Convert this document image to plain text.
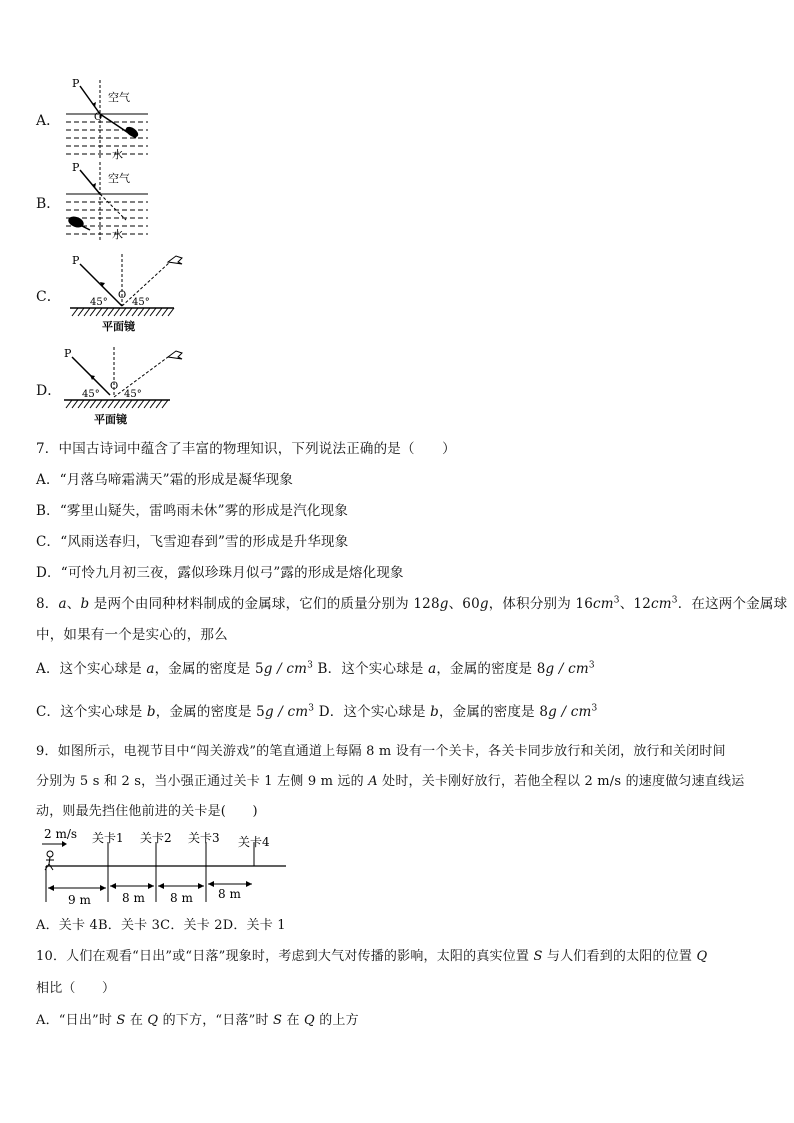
A．
P
空气
O
水
B．
P
空气
水
C．
P
O
45° 45°
平面镜
D．
P
O
45° 45°
平面镜
7．中国古诗词中蕴含了丰富的物理知识，下列说法正确的是（　　）
A．“月落乌啼霜满天”霜的形成是凝华现象
B．“雾里山疑失，雷鸣雨未休”雾的形成是汽化现象
C．“风雨送春归，飞雪迎春到”雪的形成是升华现象
D．“可怜九月初三夜，露似珍珠月似弓”露的形成是熔化现象
8．a、b 是两个由同种材料制成的金属球，它们的质量分别为 128g、60g，体积分别为 $16cm^3$、$12cm^3$．在这两个金属球
中，如果有一个是实心的，那么
A．这个实心球是 a，金属的密度是 $5g / cm^3$ B．这个实心球是 a，金属的密度是 $8g / cm^3$
C．这个实心球是 b，金属的密度是 $5g / cm^3$ D．这个实心球是 b，金属的密度是 $8g / cm^3$
9．如图所示，电视节目中“闯关游戏”的笔直通道上每隔 8 m 设有一个关卡，各关卡同步放行和关闭，放行和关闭时间
分别为 5 s 和 2 s，当小强正通过关卡 1 左侧 9 m 远的 A 处时，关卡刚好放行，若他全程以 2 m/s 的速度做匀速直线运
动，则最先挡住他前进的关卡是(　　)
2 m/s 关卡1 关卡2 关卡3 关卡4
9 m	8 m 8 m 8 m
A．关卡 4B．关卡 3C．关卡 2D．关卡 1
10．人们在观看“日出”或“日落”现象时，考虑到大气对传播的影响，太阳的真实位置 S 与人们看到的太阳的位置 Q
相比（　　）
A．“日出”时 S 在 Q 的下方，“日落”时 S 在 Q 的上方
